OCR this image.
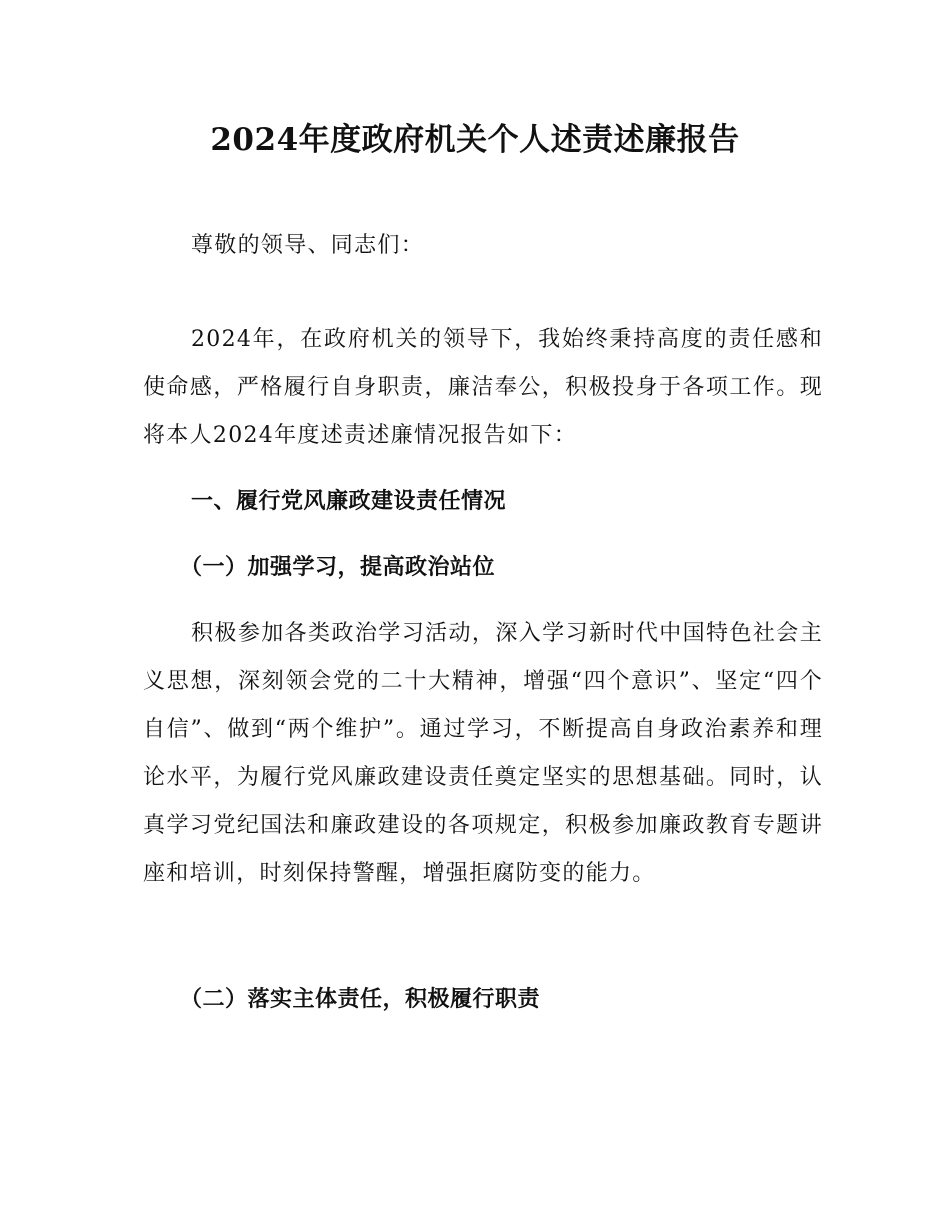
2024年度政府机关个人述责述廉报告

尊敬的领导、同志们：

2024年，在政府机关的领导下，我始终秉持高度的责任感和使命感，严格履行自身职责，廉洁奉公，积极投身于各项工作。现将本人2024年度述责述廉情况报告如下：

一、履行党风廉政建设责任情况
（一）加强学习，提高政治站位

积极参加各类政治学习活动，深入学习新时代中国特色社会主义思想，深刻领会党的二十大精神，增强“四个意识”、坚定“四个自信”、做到“两个维护”。通过学习，不断提高自身政治素养和理论水平，为履行党风廉政建设责任奠定坚实的思想基础。同时，认真学习党纪国法和廉政建设的各项规定，积极参加廉政教育专题讲座和培训，时刻保持警醒，增强拒腐防变的能力。

（二）落实主体责任，积极履行职责
